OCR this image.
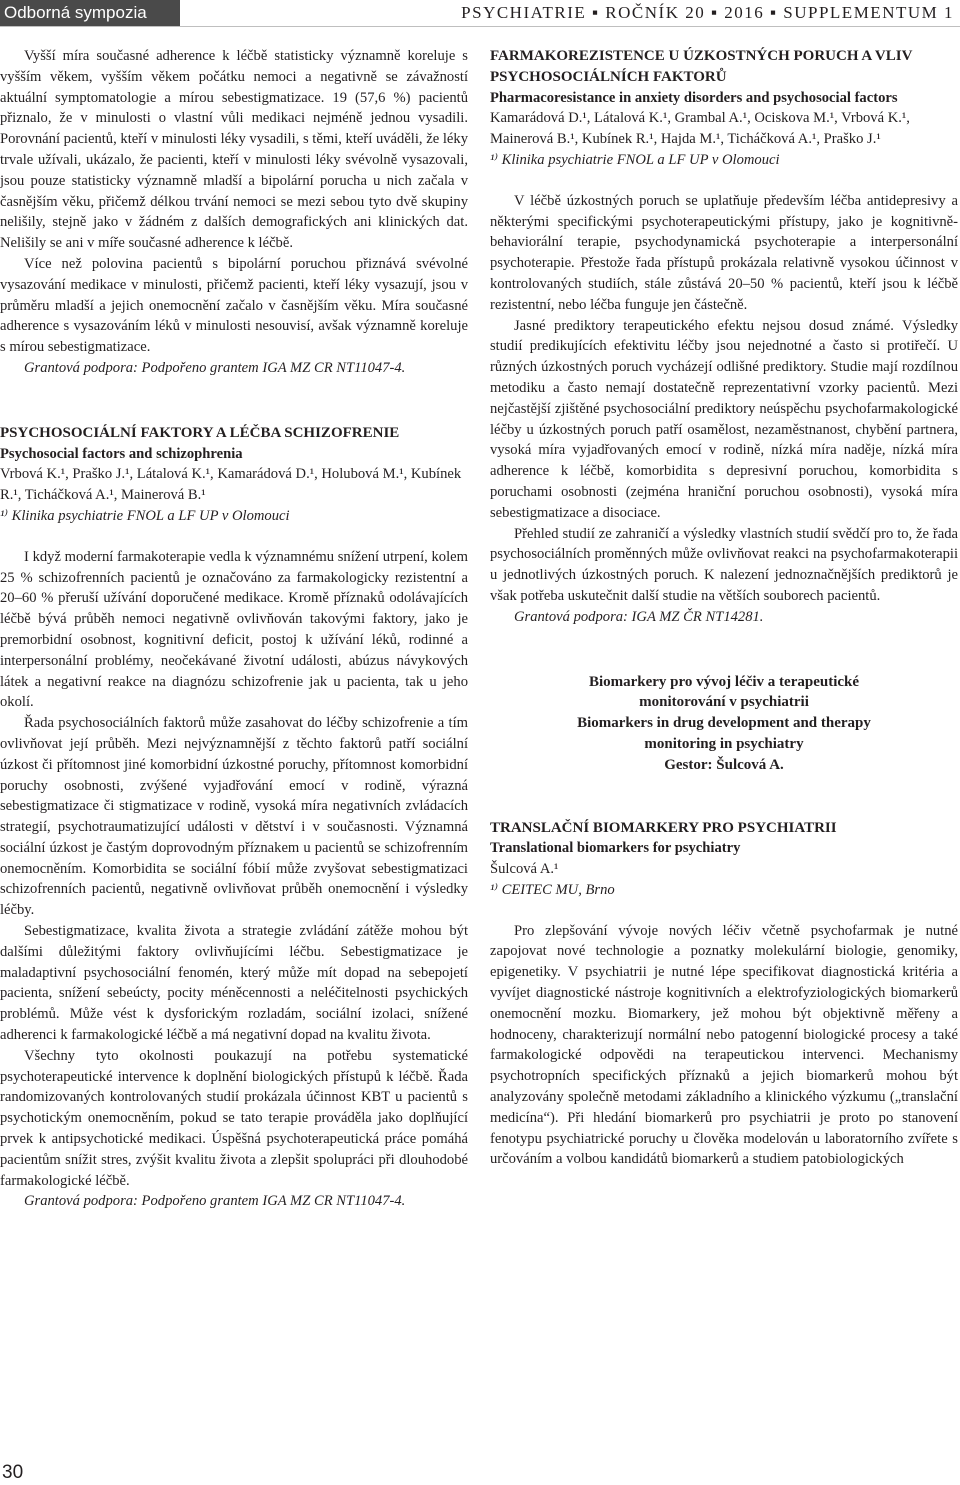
Odborná sympozia	PSYCHIATRIE ▪ ROČNÍK 20 ▪ 2016 ▪ SUPPLEMENTUM 1

Vyšší míra současné adherence k léčbě statisticky významně koreluje s vyšším věkem, vyšším věkem počátku nemoci a negativně se závažností aktuální symptomatologie a mírou sebestigmatizace. 19 (57,6 %) pacientů přiznalo, že v minulosti o vlastní vůli medikaci nejméně jednou vysadili. Porovnání pacientů, kteří v minulosti léky vysadili, s těmi, kteří uváděli, že léky trvale užívali, ukázalo, že pacienti, kteří v minulosti léky svévolně vysazovali, jsou pouze statisticky významně mladší a bipolární porucha u nich začala v časnějším věku, přičemž délkou trvání nemoci se mezi sebou tyto dvě skupiny nelišily, stejně jako v žádném z dalších demografických ani klinických dat. Nelišily se ani v míře současné adherence k léčbě.

Více než polovina pacientů s bipolární poruchou přiznává svévolné vysazování medikace v minulosti, přičemž pacienti, kteří léky vysazují, jsou v průměru mladší a jejich onemocnění začalo v časnějším věku. Míra současné adherence s vysazováním léků v minulosti nesouvisí, avšak významně koreluje s mírou sebestigmatizace.

Grantová podpora: Podpořeno grantem IGA MZ CR NT11047-4.

PSYCHOSOCIÁLNÍ FAKTORY A LÉČBA SCHIZOFRENIE
Psychosocial factors and schizophrenia
Vrbová K.¹, Praško J.¹, Látalová K.¹, Kamarádová D.¹, Holubová M.¹, Kubínek R.¹, Ticháčková A.¹, Mainerová B.¹
¹⁾ Klinika psychiatrie FNOL a LF UP v Olomouci

I když moderní farmakoterapie vedla k významnému snížení utrpení, kolem 25 % schizofrenních pacientů je označováno za farmakologicky rezistentní a 20–60 % přeruší užívání doporučené medikace. Kromě příznaků odolávajících léčbě bývá průběh nemoci negativně ovlivňován takovými faktory, jako je premorbidní osobnost, kognitivní deficit, postoj k užívání léků, rodinné a interpersonální problémy, neočekávané životní události, abúzus návykových látek a negativní reakce na diagnózu schizofrenie jak u pacienta, tak u jeho okolí.

Řada psychosociálních faktorů může zasahovat do léčby schizofrenie a tím ovlivňovat její průběh. Mezi nejvýznamnější z těchto faktorů patří sociální úzkost či přítomnost jiné komorbidní úzkostné poruchy, přítomnost komorbidní poruchy osobnosti, zvýšené vyjadřování emocí v rodině, výrazná sebestigmatizace či stigmatizace v rodině, vysoká míra negativních zvládacích strategií, psychotraumatizující události v dětství i v současnosti. Významná sociální úzkost je častým doprovodným příznakem u pacientů se schizofrenním onemocněním. Komorbidita se sociální fóbií může zvyšovat sebestigmatizaci schizofrenních pacientů, negativně ovlivňovat průběh onemocnění i výsledky léčby.

Sebestigmatizace, kvalita života a strategie zvládání zátěže mohou být dalšími důležitými faktory ovlivňujícími léčbu. Sebestigmatizace je maladaptivní psychosociální fenomén, který může mít dopad na sebepojetí pacienta, snížení sebeúcty, pocity méněcennosti a neléčitelnosti psychických problémů. Může vést k dysforickým rozladám, sociální izolaci, snížené adherenci k farmakologické léčbě a má negativní dopad na kvalitu života.

Všechny tyto okolnosti poukazují na potřebu systematické psychoterapeutické intervence k doplnění biologických přístupů k léčbě. Řada randomizovaných kontrolovaných studií prokázala účinnost KBT u pacientů s psychotickým onemocněním, pokud se tato terapie prováděla jako doplňující prvek k antipsychotické medikaci. Úspěšná psychoterapeutická práce pomáhá pacientům snížit stres, zvýšit kvalitu života a zlepšit spolupráci při dlouhodobé farmakologické léčbě.

Grantová podpora: Podpořeno grantem IGA MZ CR NT11047-4.

FARMAKOREZISTENCE U ÚZKOSTNÝCH PORUCH A VLIV PSYCHOSOCIÁLNÍCH FAKTORŮ
Pharmacoresistance in anxiety disorders and psychosocial factors
Kamarádová D.¹, Látalová K.¹, Grambal A.¹, Ociskova M.¹, Vrbová K.¹, Mainerová B.¹, Kubínek R.¹, Hajda M.¹, Ticháčková A.¹, Praško J.¹
¹⁾ Klinika psychiatrie FNOL a LF UP v Olomouci

V léčbě úzkostných poruch se uplatňuje především léčba antidepresivy a některými specifickými psychoterapeutickými přístupy, jako je kognitivně-behaviorální terapie, psychodynamická psychoterapie a interpersonální psychoterapie. Přestože řada přístupů prokázala relativně vysokou účinnost v kontrolovaných studiích, stále zůstává 20–50 % pacientů, kteří jsou k léčbě rezistentní, nebo léčba funguje jen částečně.

Jasné prediktory terapeutického efektu nejsou dosud známé. Výsledky studií predikujících efektivitu léčby jsou nejednotné a často si protiřečí. U různých úzkostných poruch vycházejí odlišné prediktory. Studie mají rozdílnou metodiku a často nemají dostatečně reprezentativní vzorky pacientů. Mezi nejčastější zjištěné psychosociální prediktory neúspěchu psychofarmakologické léčby u úzkostných poruch patří osamělost, nezaměstnanost, chybění partnera, vysoká míra vyjadřovaných emocí v rodině, nízká míra naděje, nízká míra adherence k léčbě, komorbidita s depresivní poruchou, komorbidita s poruchami osobnosti (zejména hraniční poruchou osobnosti), vysoká míra sebestigmatizace a disociace.

Přehled studií ze zahraničí a výsledky vlastních studií svědčí pro to, že řada psychosociálních proměnných může ovlivňovat reakci na psychofarmakoterapii u jednotlivých úzkostných poruch. K nalezení jednoznačnějších prediktorů je však potřeba uskutečnit další studie na větších souborech pacientů.

Grantová podpora: IGA MZ ČR NT14281.

Biomarkery pro vývoj léčiv a terapeutické
monitorování v psychiatrii
Biomarkers in drug development and therapy
monitoring in psychiatry
Gestor: Šulcová A.
TRANSLAČNÍ BIOMARKERY PRO PSYCHIATRII
Translational biomarkers for psychiatry
Šulcová A.¹
¹⁾ CEITEC MU, Brno

Pro zlepšování vývoje nových léčiv včetně psychofarmak je nutné zapojovat nové technologie a poznatky molekulární biologie, genomiky, epigenetiky. V psychiatrii je nutné lépe specifikovat diagnostická kritéria a vyvíjet diagnostické nástroje kognitivních a elektrofyziologických biomarkerů onemocnění mozku. Biomarkery, jež mohou být objektivně měřeny a hodnoceny, charakterizují normální nebo patogenní biologické procesy a také farmakologické odpovědi na terapeutickou intervenci. Mechanismy psychotropních specifických příznaků a jejich biomarkerů mohou být analyzovány společně metodami základního a klinického výzkumu („translační medicína“). Při hledání biomarkerů pro psychiatrii je proto po stanovení fenotypu psychiatrické poruchy u člověka modelován u laboratorního zvířete s určováním a volbou kandidátů biomarkerů a studiem patobiologických

30
